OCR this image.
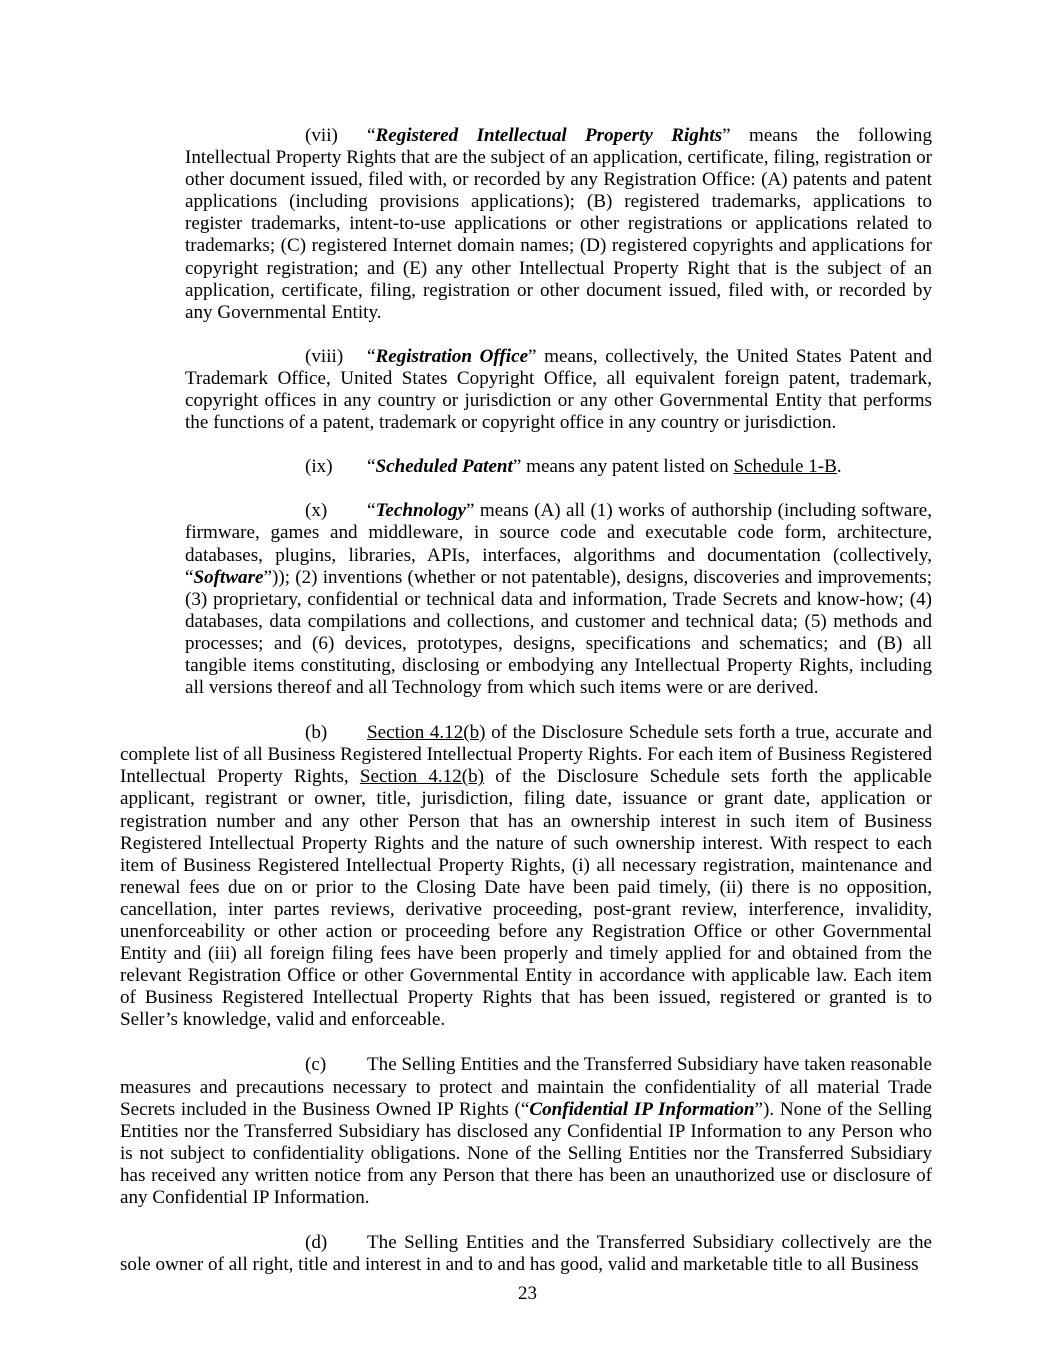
(vii) “Registered Intellectual Property Rights” means the following Intellectual Property Rights that are the subject of an application, certificate, filing, registration or other document issued, filed with, or recorded by any Registration Office: (A) patents and patent applications (including provisions applications); (B) registered trademarks, applications to register trademarks, intent-to-use applications or other registrations or applications related to trademarks; (C) registered Internet domain names; (D) registered copyrights and applications for copyright registration; and (E) any other Intellectual Property Right that is the subject of an application, certificate, filing, registration or other document issued, filed with, or recorded by any Governmental Entity.

(viii) “Registration Office” means, collectively, the United States Patent and Trademark Office, United States Copyright Office, all equivalent foreign patent, trademark, copyright offices in any country or jurisdiction or any other Governmental Entity that performs the functions of a patent, trademark or copyright office in any country or jurisdiction.

(ix) “Scheduled Patent” means any patent listed on Schedule 1-B.

(x) “Technology” means (A) all (1) works of authorship (including software, firmware, games and middleware, in source code and executable code form, architecture, databases, plugins, libraries, APIs, interfaces, algorithms and documentation (collectively, “Software”)); (2) inventions (whether or not patentable), designs, discoveries and improvements; (3) proprietary, confidential or technical data and information, Trade Secrets and know-how; (4) databases, data compilations and collections, and customer and technical data; (5) methods and processes; and (6) devices, prototypes, designs, specifications and schematics; and (B) all tangible items constituting, disclosing or embodying any Intellectual Property Rights, including all versions thereof and all Technology from which such items were or are derived.

(b) Section 4.12(b) of the Disclosure Schedule sets forth a true, accurate and complete list of all Business Registered Intellectual Property Rights. For each item of Business Registered Intellectual Property Rights, Section 4.12(b) of the Disclosure Schedule sets forth the applicable applicant, registrant or owner, title, jurisdiction, filing date, issuance or grant date, application or registration number and any other Person that has an ownership interest in such item of Business Registered Intellectual Property Rights and the nature of such ownership interest. With respect to each item of Business Registered Intellectual Property Rights, (i) all necessary registration, maintenance and renewal fees due on or prior to the Closing Date have been paid timely, (ii) there is no opposition, cancellation, inter partes reviews, derivative proceeding, post-grant review, interference, invalidity, unenforceability or other action or proceeding before any Registration Office or other Governmental Entity and (iii) all foreign filing fees have been properly and timely applied for and obtained from the relevant Registration Office or other Governmental Entity in accordance with applicable law. Each item of Business Registered Intellectual Property Rights that has been issued, registered or granted is to Seller’s knowledge, valid and enforceable.

(c) The Selling Entities and the Transferred Subsidiary have taken reasonable measures and precautions necessary to protect and maintain the confidentiality of all material Trade Secrets included in the Business Owned IP Rights (“Confidential IP Information”). None of the Selling Entities nor the Transferred Subsidiary has disclosed any Confidential IP Information to any Person who is not subject to confidentiality obligations. None of the Selling Entities nor the Transferred Subsidiary has received any written notice from any Person that there has been an unauthorized use or disclosure of any Confidential IP Information.

(d) The Selling Entities and the Transferred Subsidiary collectively are the sole owner of all right, title and interest in and to and has good, valid and marketable title to all Business

23
